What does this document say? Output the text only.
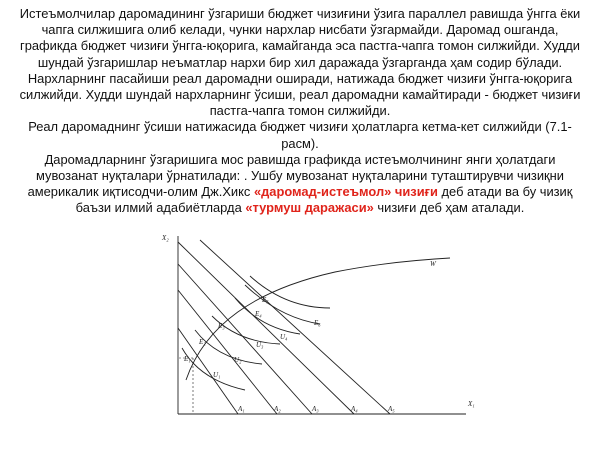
Истеъмолчилар даромадининг ўзгариши бюджет чизиғини ўзига параллел равишда ўнгга ёки чапга силжишига олиб келади, чунки нархлар нисбати ўзгармайди. Даромад ошганда, графикда бюджет чизиғи ўнгга-юқорига, камайганда эса пастга-чапга томон силжийди. Худди шундай ўзгаришлар неъматлар нархи бир хил даражада ўзгарганда ҳам содир бўлади. Нархларнинг пасайиши реал даромадни оширади, натижада бюджет чизиғи ўнгга-юқорига силжийди. Худди шундай нархларнинг ўсиши, реал даромадни камайтиради - бюджет чизиғи пастга-чапга томон силжийди.

Реал даромаднинг ўсиши натижасида бюджет чизиғи ҳолатларга кетма-кет силжийди (7.1-расм).

Даромадларнинг ўзгаришига мос равишда графикда истеъмолчининг янги ҳолатдаги мувозанат нуқталари ўрнатилади: . Ушбу мувозанат нуқталарини туташтирувчи чизиқни америкалик иқтисодчи-олим Дж.Хикс «даромад-истеъмол» чизиғи деб атади ва бу чизиқ баъзи илмий адабиётларда «турмуш даражаси» чизиғи деб ҳам аталади.

X₂
X₁
W
A₁	A₂	A₃	A₄	A₅
E₁
E₂
E₃
E₄
E₅
E₆
U₁
U₂
U₃
U₄
